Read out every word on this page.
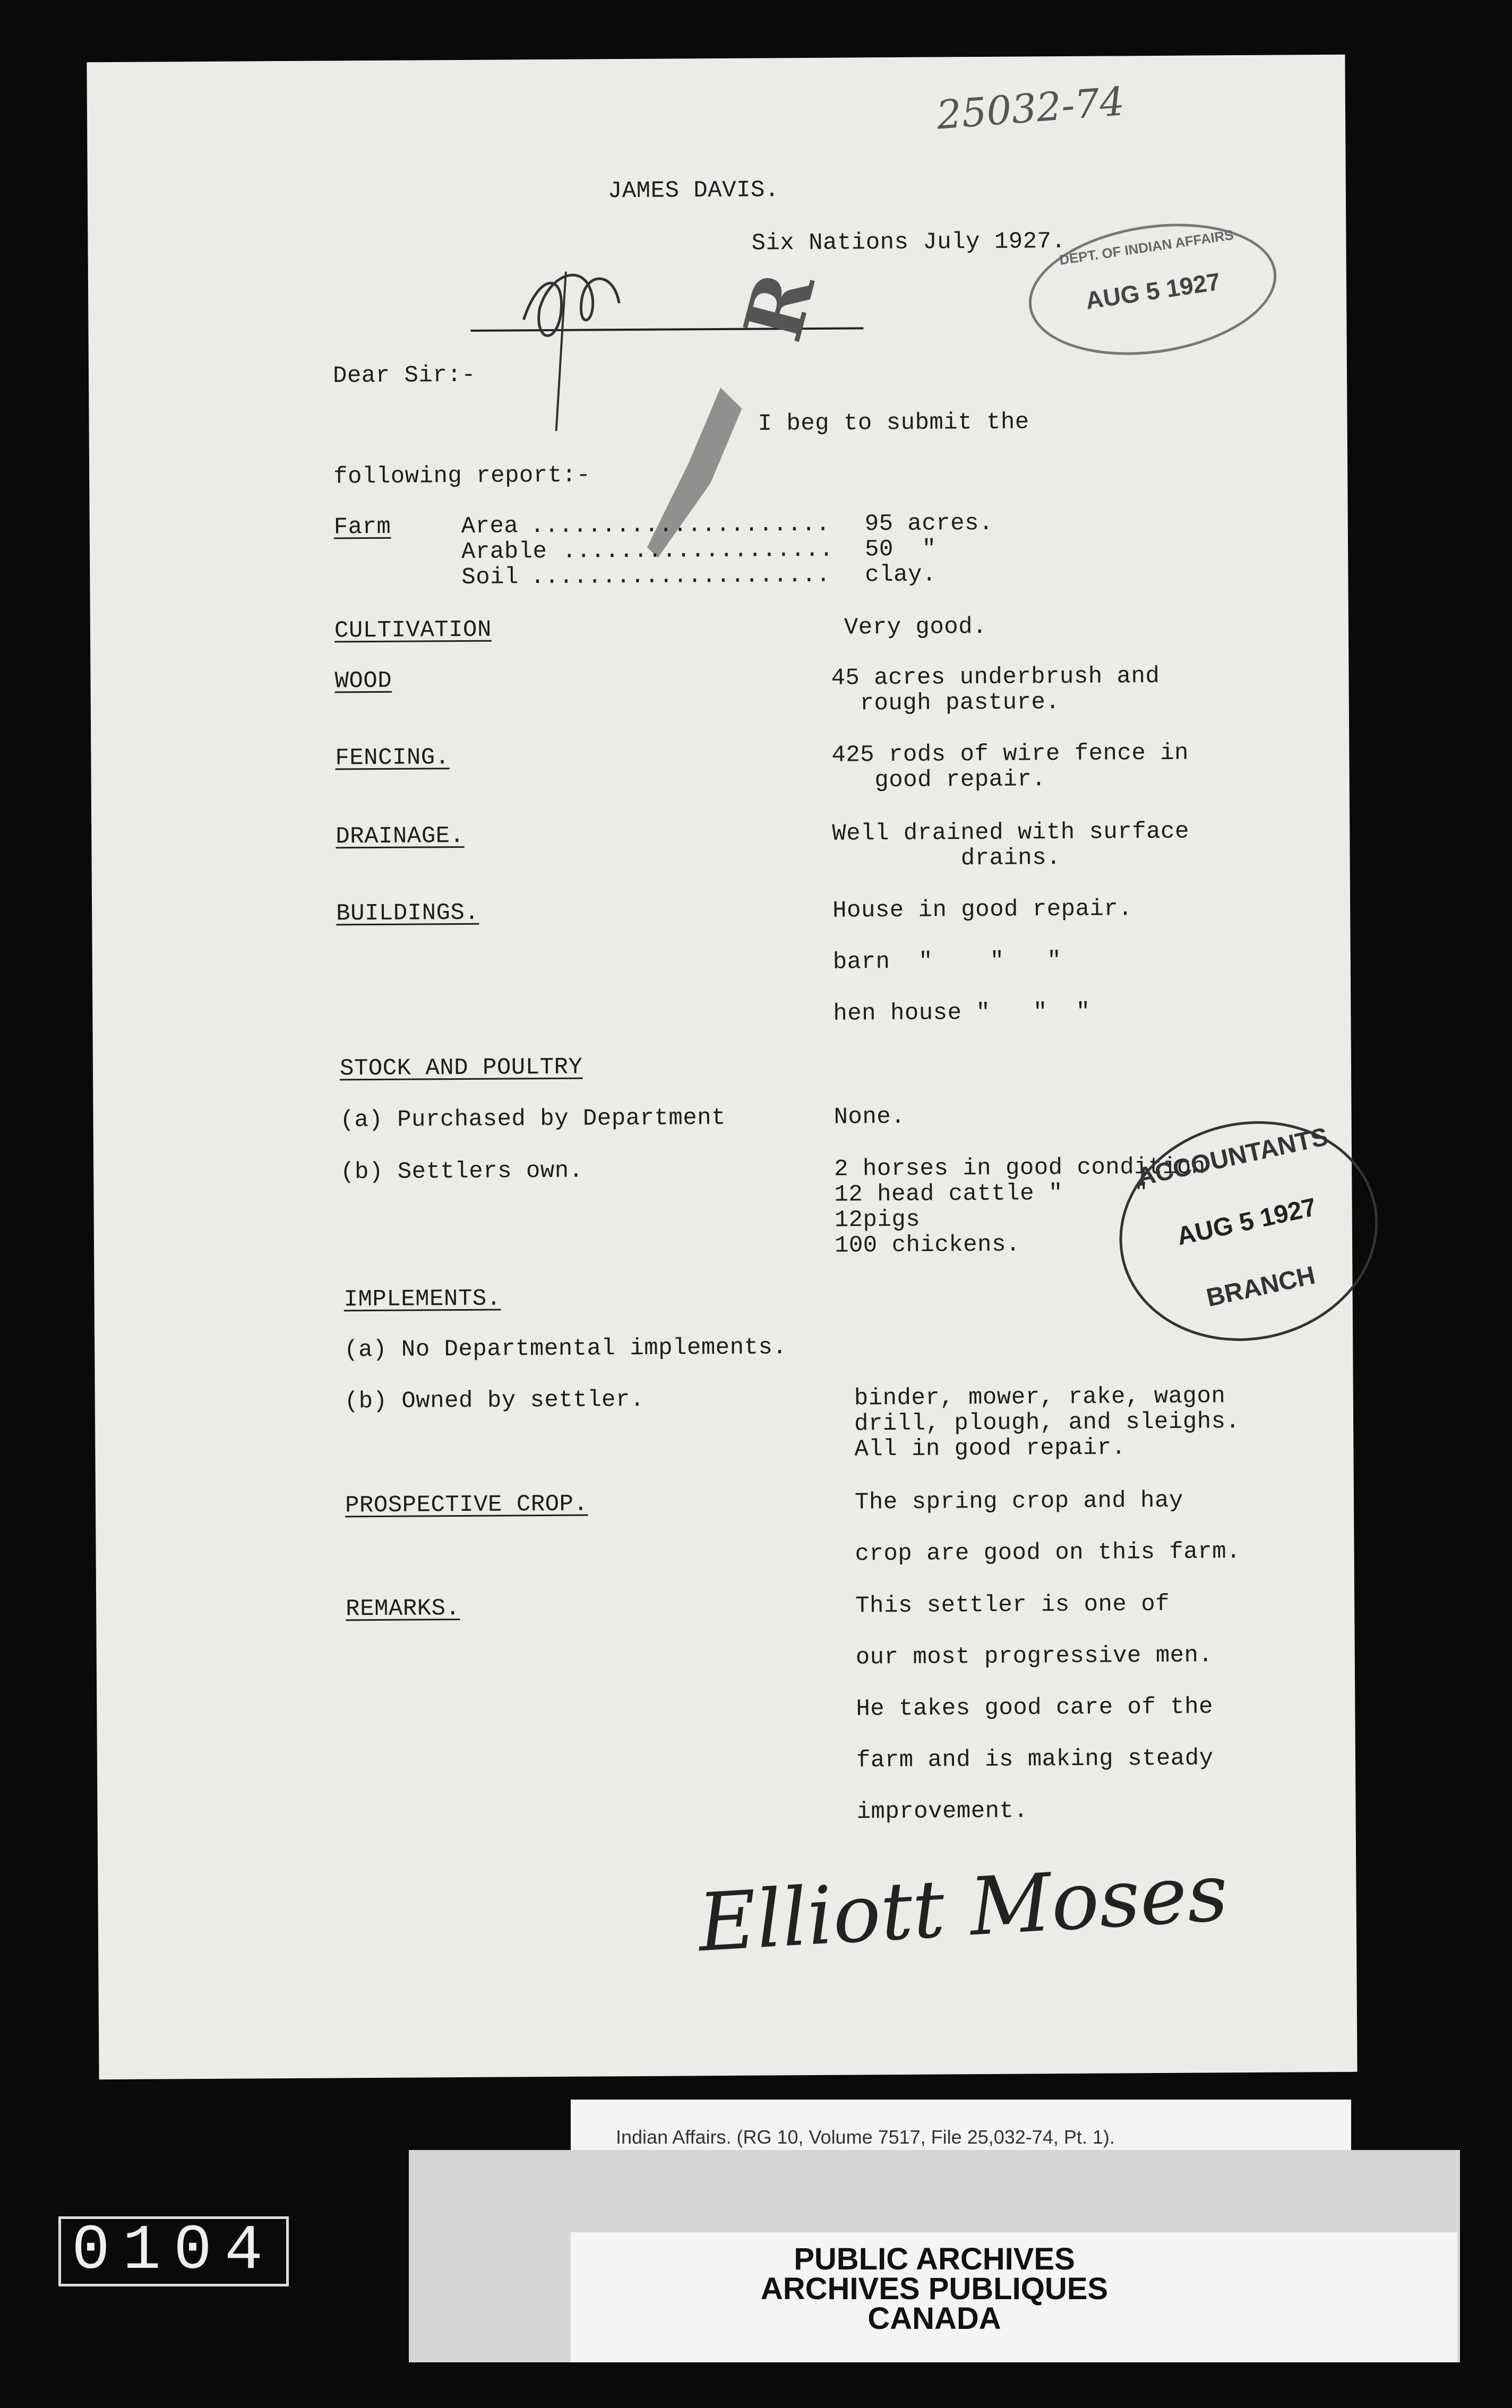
25032-74
JAMES DAVIS.
Six Nations July 1927.
R
DEPT. OF INDIAN AFFAIRS
AUG 5 1927
Dear Sir:-
I beg to submit the
following report:-
Farm	Area ..................... 95 acres.
Arable ................... 50  "
Soil ..................... clay.
CULTIVATION	Very good.
WOOD	45 acres underbrush and
rough pasture.
FENCING.	425 rods of wire fence in
good repair.
DRAINAGE.	Well drained with surface
drains.
BUILDINGS.	House in good repair.
barn  "    "   "
hen house "   "  "
STOCK AND POULTRY
(a) Purchased by Department	None.
(b) Settlers own.	2 horses in good condition
12 head cattle "     "
12pigs
100 chickens.
ACCOUNTANTS
AUG 5 1927
BRANCH
IMPLEMENTS.
(a) No Departmental implements.
(b) Owned by settler.	binder, mower, rake, wagon
drill, plough, and sleighs.
All in good repair.
PROSPECTIVE CROP.	The spring crop and hay
crop are good on this farm.
REMARKS.	This settler is one of
our most progressive men.
He takes good care of the
farm and is making steady
improvement.
Elliott Moses
Indian Affairs. (RG 10, Volume 7517, File 25,032-74, Pt. 1).
PUBLIC ARCHIVES
ARCHIVES PUBLIQUES
CANADA
0104
